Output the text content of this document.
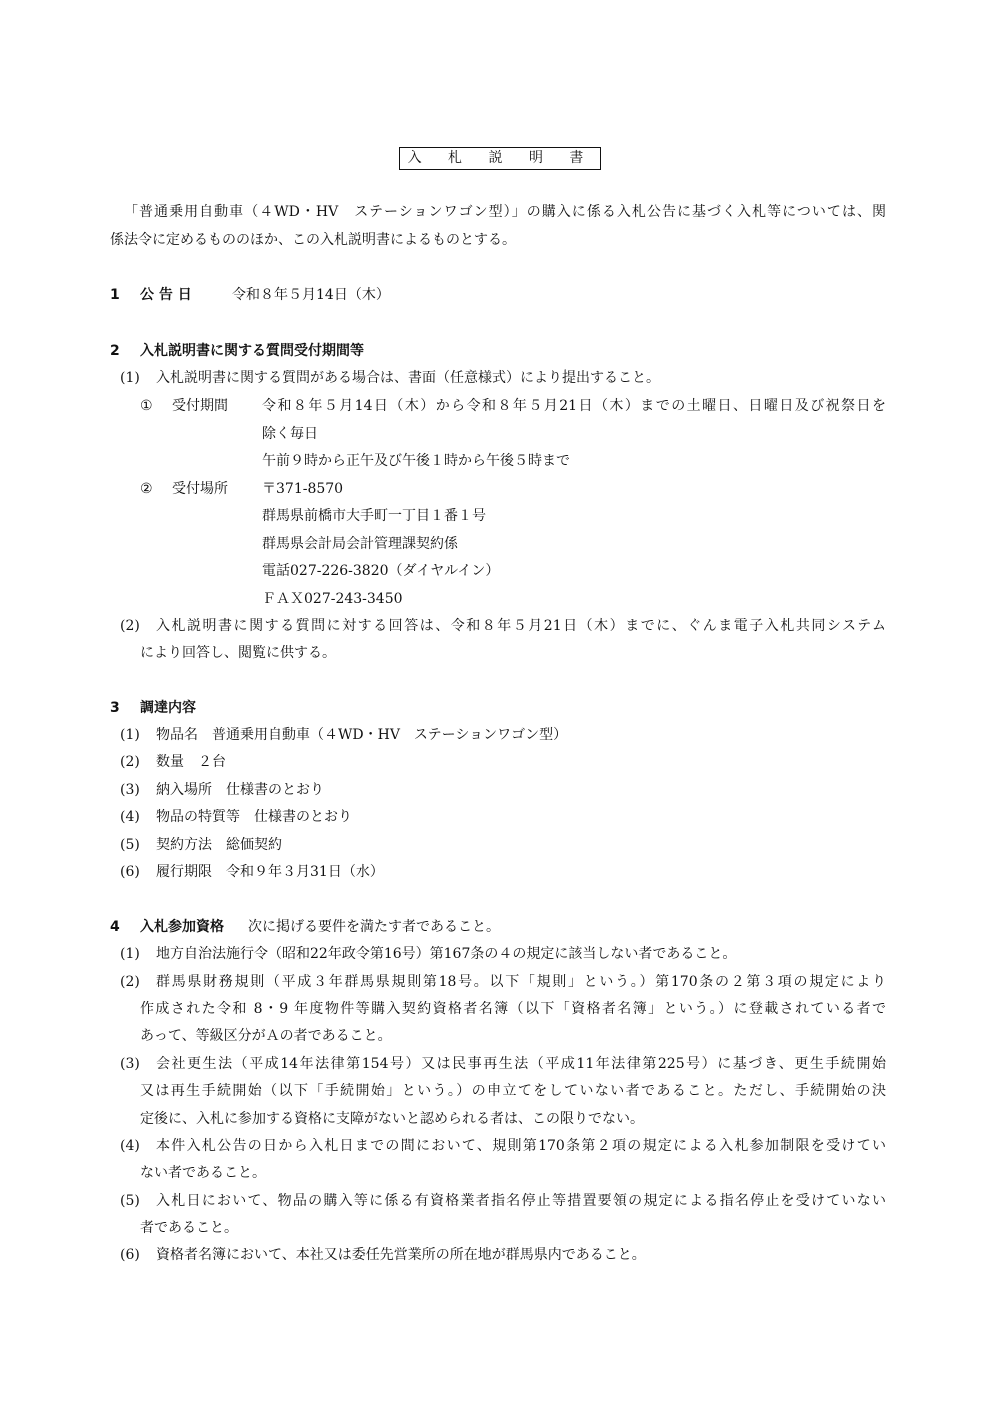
入 札 説 明 書
「普通乗用自動車（４WD・HV　ステーションワゴン型）」の購入に係る入札公告に基づく入札等については、関
係法令に定めるもののほか、この入札説明書によるものとする。
1 公 告 日	令和８年５月14日（木）
2 入札説明書に関する質問受付期間等
(1) 入札説明書に関する質問がある場合は、書面（任意様式）により提出すること。
① 受付期間 令和８年５月14日（木）から令和８年５月21日（木）までの土曜日、日曜日及び祝祭日を
除く毎日
午前９時から正午及び午後１時から午後５時まで
② 受付場所 〒371-8570
群馬県前橋市大手町一丁目１番１号
群馬県会計局会計管理課契約係
電話027-226-3820（ダイヤルイン）
ＦＡＸ027-243-3450
(2) 入札説明書に関する質問に対する回答は、令和８年５月21日（木）までに、ぐんま電子入札共同システム
により回答し、閲覧に供する。
3 調達内容
(1) 物品名　普通乗用自動車（４WD・HV　ステーションワゴン型）
(2) 数量　２台
(3) 納入場所　仕様書のとおり
(4) 物品の特質等　仕様書のとおり
(5) 契約方法　総価契約
(6) 履行期限　令和９年３月31日（水）
4 入札参加資格 次に掲げる要件を満たす者であること。
(1) 地方自治法施行令（昭和22年政令第16号）第167条の４の規定に該当しない者であること。
(2) 群馬県財務規則（平成３年群馬県規則第18号。以下「規則」という。）第170条の２第３項の規定により
作成された令和 8・9 年度物件等購入契約資格者名簿（以下「資格者名簿」という。）に登載されている者で
あって、等級区分がＡの者であること。
(3) 会社更生法（平成14年法律第154号）又は民事再生法（平成11年法律第225号）に基づき、更生手続開始
又は再生手続開始（以下「手続開始」という。）の申立てをしていない者であること。ただし、手続開始の決
定後に、入札に参加する資格に支障がないと認められる者は、この限りでない。
(4) 本件入札公告の日から入札日までの間において、規則第170条第２項の規定による入札参加制限を受けてい
ない者であること。
(5) 入札日において、物品の購入等に係る有資格業者指名停止等措置要領の規定による指名停止を受けていない
者であること。
(6) 資格者名簿において、本社又は委任先営業所の所在地が群馬県内であること。
